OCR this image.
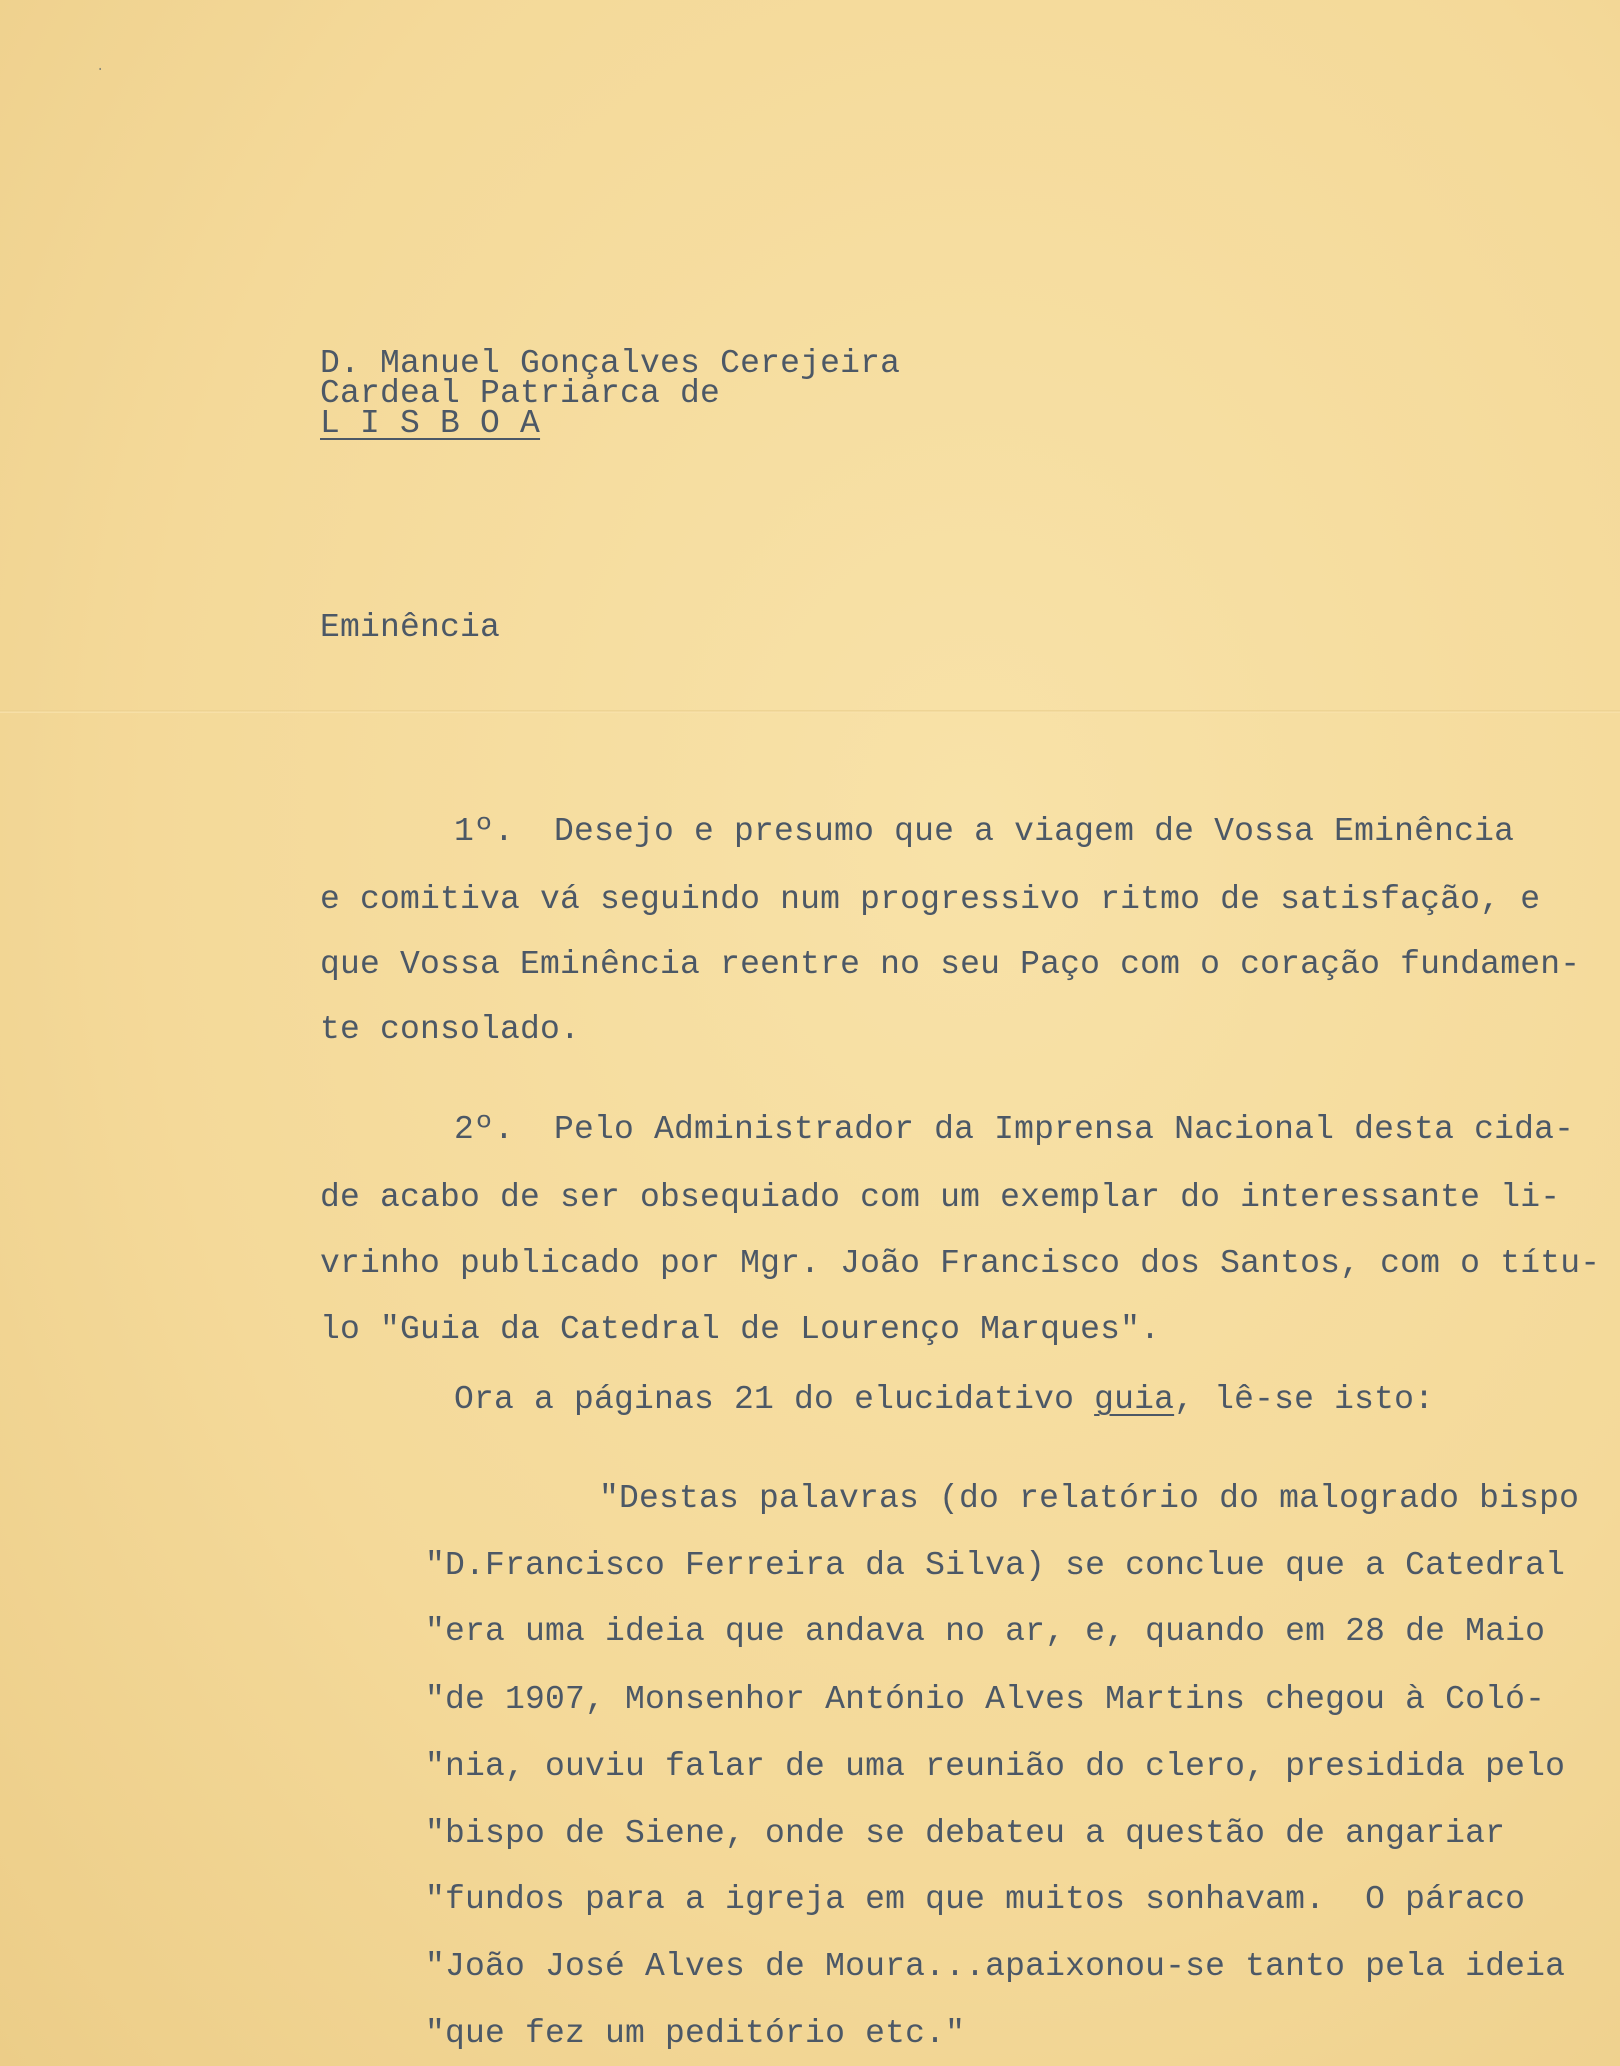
·
D. Manuel Gonçalves Cerejeira
Cardeal Patriarca de
L I S B O A
Eminência
1º.  Desejo e presumo que a viagem de Vossa Eminência
e comitiva vá seguindo num progressivo ritmo de satisfação, e
que Vossa Eminência reentre no seu Paço com o coração fundamen-
te consolado.
2º.  Pelo Administrador da Imprensa Nacional desta cida-
de acabo de ser obsequiado com um exemplar do interessante li-
vrinho publicado por Mgr. João Francisco dos Santos, com o títu-
lo "Guia da Catedral de Lourenço Marques".
Ora a páginas 21 do elucidativo guia, lê-se isto:
"Destas palavras (do relatório do malogrado bispo
"D.Francisco Ferreira da Silva) se conclue que a Catedral
"era uma ideia que andava no ar, e, quando em 28 de Maio
"de 1907, Monsenhor António Alves Martins chegou à Coló-
"nia, ouviu falar de uma reunião do clero, presidida pelo
"bispo de Siene, onde se debateu a questão de angariar
"fundos para a igreja em que muitos sonhavam.  O páraco
"João José Alves de Moura...apaixonou-se tanto pela ideia
"que fez um peditório etc."
